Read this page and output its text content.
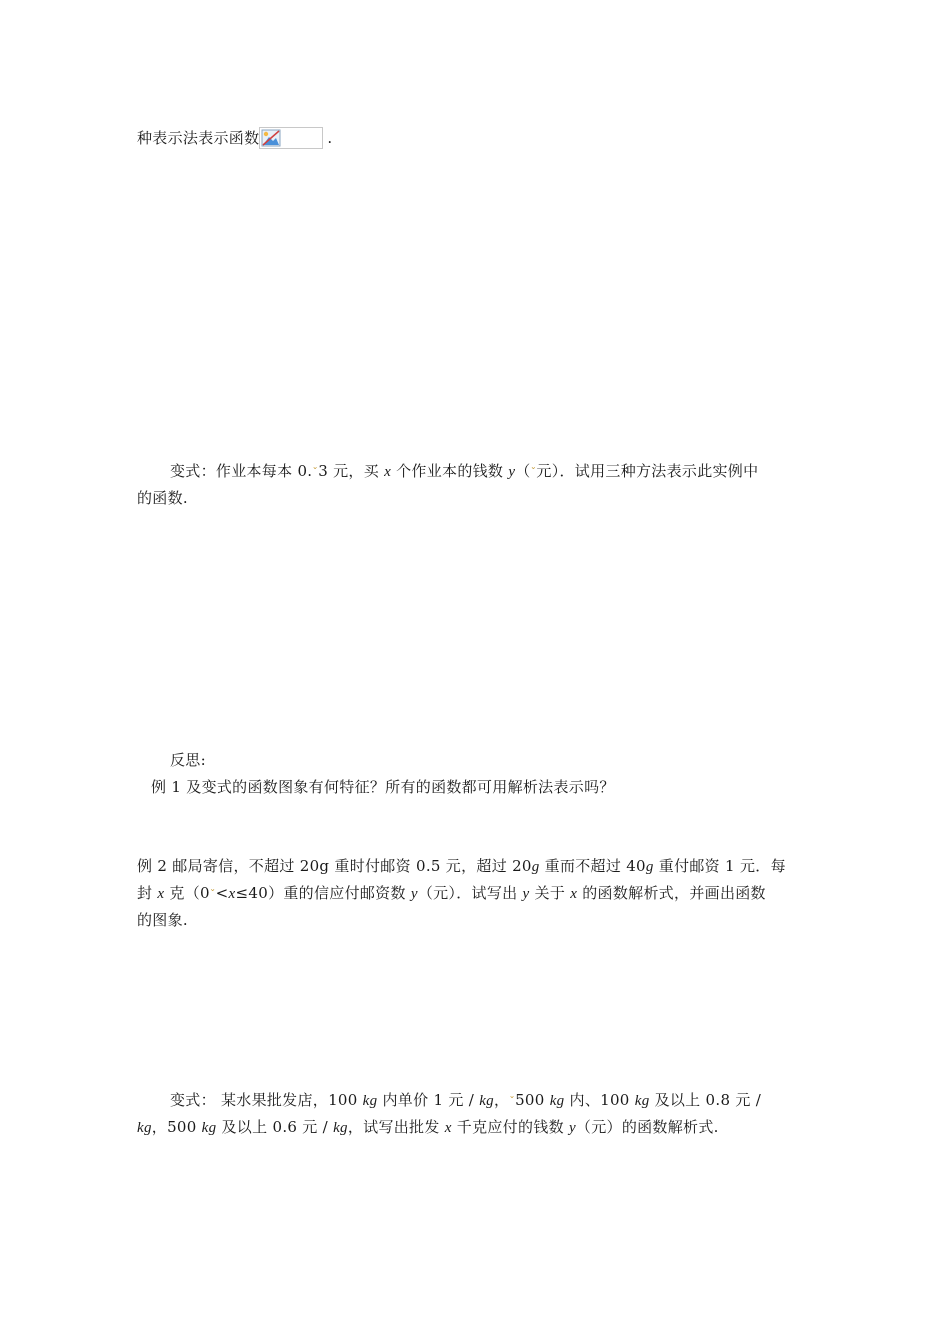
种表示法表示函数	.
变式：作业本每本 0.ˇ3 元，买 x 个作业本的钱数 y（ˇ元）．试用三种方法表示此实例中
的函数.
反思:
例 1 及变式的函数图象有何特征？所有的函数都可用解析法表示吗？
例 2 邮局寄信，不超过 20g 重时付邮资 0.5 元，超过 20g 重而不超过 40g 重付邮资 1 元．每
封 x 克（0ˇ<x≤40）重的信应付邮资数 y（元）．试写出 y 关于 x 的函数解析式，并画出函数
的图象.
变式： 某水果批发店，100 kg 内单价 1 元 / kg，ˇ500 kg 内、100 kg 及以上 0.8 元 /
kg，500 kg 及以上 0.6 元 / kg，试写出批发 x 千克应付的钱数 y（元）的函数解析式.
